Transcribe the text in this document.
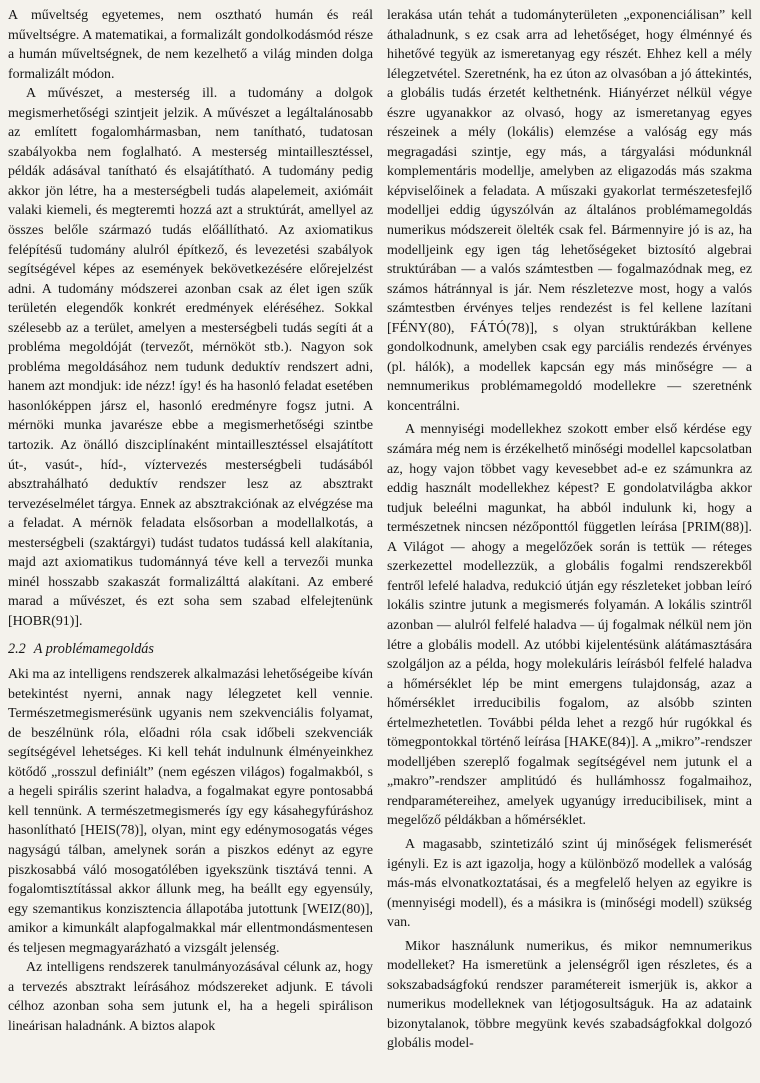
A műveltség egyetemes, nem osztható humán és reál műveltségre. A matematikai, a formalizált gondolkodásmód része a humán műveltségnek, de nem kezelhető a világ minden dolga formalizált módon.

A művészet, a mesterség ill. a tudomány a dolgok megismerhetőségi szintjeit jelzik. A művészet a legáltalánosabb az említett fogalomhármasban, nem tanítható, tudatosan szabályokba nem foglalható. A mesterség mintaillesztéssel, példák adásával tanítható és elsajátítható. A tudomány pedig akkor jön létre, ha a mesterségbeli tudás alapelemeit, axiómáit valaki kiemeli, és megteremti hozzá azt a struktúrát, amellyel az összes belőle származó tudás előállítható. Az axiomatikus felépítésű tudomány alulról építkező, és levezetési szabályok segítségével képes az események bekövetkezésére előrejelzést adni. A tudomány módszerei azonban csak az élet igen szűk területén elegendők konkrét eredmények eléréséhez. Sokkal szélesebb az a terület, amelyen a mesterségbeli tudás segíti át a probléma megoldóját (tervezőt, mérnököt stb.). Nagyon sok probléma megoldásához nem tudunk deduktív rendszert adni, hanem azt mondjuk: ide nézz! így! és ha hasonló feladat esetében hasonlóképpen jársz el, hasonló eredményre fogsz jutni. A mérnöki munka javarésze ebbe a megismerhetőségi szintbe tartozik. Az önálló diszciplínaként mintaillesztéssel elsajátított út-, vasút-, híd-, víztervezés mesterségbeli tudásából absztrahálható deduktív rendszer lesz az absztrakt tervezéselmélet tárgya. Ennek az absztrakciónak az elvégzése ma a feladat. A mérnök feladata elsősorban a modellalkotás, a mesterségbeli (szaktárgyi) tudást tudatos tudássá kell alakítania, majd azt axiomatikus tudománnyá téve kell a tervezői munka minél hosszabb szakaszát formalizálttá alakítani. Az emberé marad a művészet, és ezt soha sem szabad elfelejtenünk [HOBR(91)].

2.2 A problémamegoldás

Aki ma az intelligens rendszerek alkalmazási lehetőségeibe kíván betekintést nyerni, annak nagy lélegzetet kell vennie. Természetmegismerésünk ugyanis nem szekvenciális folyamat, de beszélnünk róla, előadni róla csak időbeli szekvenciák segítségével lehetséges. Ki kell tehát indulnunk élményeinkhez kötődő „rosszul definiált” (nem egészen világos) fogalmakból, s a hegeli spirális szerint haladva, a fogalmakat egyre pontosabbá kell tennünk. A természetmegismerés így egy kásahegyfúráshoz hasonlítható [HEIS(78)], olyan, mint egy edénymosogatás véges nagyságú tálban, amelynek során a piszkos edényt az egyre piszkosabbá váló mosogatólében igyekszünk tisztává tenni. A fogalomtisztítással akkor állunk meg, ha beállt egy egyensúly, egy szemantikus konzisztencia állapotába jutottunk [WEIZ(80)], amikor a kimunkált alapfogalmakkal már ellentmondásmentesen és teljesen megmagyarázható a vizsgált jelenség.

Az intelligens rendszerek tanulmányozásával célunk az, hogy a tervezés absztrakt leírásához módszereket adjunk. E távoli célhoz azonban soha sem jutunk el, ha a hegeli spirálison lineárisan haladnánk. A biztos alapok

lerakása után tehát a tudományterületen „exponenciálisan” kell áthaladnunk, s ez csak arra ad lehetőséget, hogy élménnyé és hihetővé tegyük az ismeretanyag egy részét. Ehhez kell a mély lélegzetvétel. Szeretnénk, ha ez úton az olvasóban a jó áttekintés, a globális tudás érzetét kelthetnénk. Hiányérzet nélkül végye észre ugyanakkor az olvasó, hogy az ismeretanyag egyes részeinek a mély (lokális) elemzése a valóság egy más megragadási szintje, egy más, a tárgyalási módunknál komplementáris modellje, amelyben az eligazodás más szakma képviselőinek a feladata. A műszaki gyakorlat természetesfejlő modelljei eddig úgyszólván az általános problémamegoldás numerikus módszereit ölelték csak fel. Bármennyire jó is az, ha modelljeink egy igen tág lehetőségeket biztosító algebrai struktúrában — a valós számtestben — fogalmazódnak meg, ez számos hátránnyal is jár. Nem részletezve most, hogy a valós számtestben érvényes teljes rendezést is fel kellene lazítani [FÉNY(80), FÁTÓ(78)], s olyan struktúrákban kellene gondolkodnunk, amelyben csak egy parciális rendezés érvényes (pl. hálók), a modellek kapcsán egy más minőségre — a nemnumerikus problémamegoldó modellekre — szeretnénk koncentrálni.

A mennyiségi modellekhez szokott ember első kérdése egy számára még nem is érzékelhető minőségi modellel kapcsolatban az, hogy vajon többet vagy kevesebbet ad-e ez számunkra az eddig használt modellekhez képest? E gondolatvilágba akkor tudjuk beleélni magunkat, ha abból indulunk ki, hogy a természetnek nincsen nézőponttól független leírása [PRIM(88)]. A Világot — ahogy a megelőzőek során is tettük — réteges szerkezettel modellezzük, a globális fogalmi rendszerekből fentről lefelé haladva, redukció útján egy részleteket jobban leíró lokális szintre jutunk a megismerés folyamán. A lokális szintről azonban — alulról felfelé haladva — új fogalmak nélkül nem jön létre a globális modell. Az utóbbi kijelentésünk alátámasztására szolgáljon az a példa, hogy molekuláris leírásból felfelé haladva a hőmérséklet lép be mint emergens tulajdonság, azaz a hőmérséklet irreducibilis fogalom, az alsóbb szinten értelmezhetetlen. További példa lehet a rezgő húr rugókkal és tömegpontokkal történő leírása [HAKE(84)]. A „mikro”-rendszer modelljében szereplő fogalmak segítségével nem jutunk el a „makro”-rendszer amplitúdó és hullámhossz fogalmaihoz, rendparamétereihez, amelyek ugyanúgy irreducibilisek, mint a megelőző példákban a hőmérséklet.

A magasabb, szintetizáló szint új minőségek felismerését igényli. Ez is azt igazolja, hogy a különböző modellek a valóság más-más elvonatkoztatásai, és a megfelelő helyen az egyikre is (mennyiségi modell), és a másikra is (minőségi modell) szükség van.

Mikor használunk numerikus, és mikor nemnumerikus modelleket? Ha ismeretünk a jelenségről igen részletes, és a sokszabadságfokú rendszer paramétereit ismerjük is, akkor a numerikus modelleknek van létjogosultságuk. Ha az adataink bizonytalanok, többre megyünk kevés szabadságfokkal dolgozó globális model-
